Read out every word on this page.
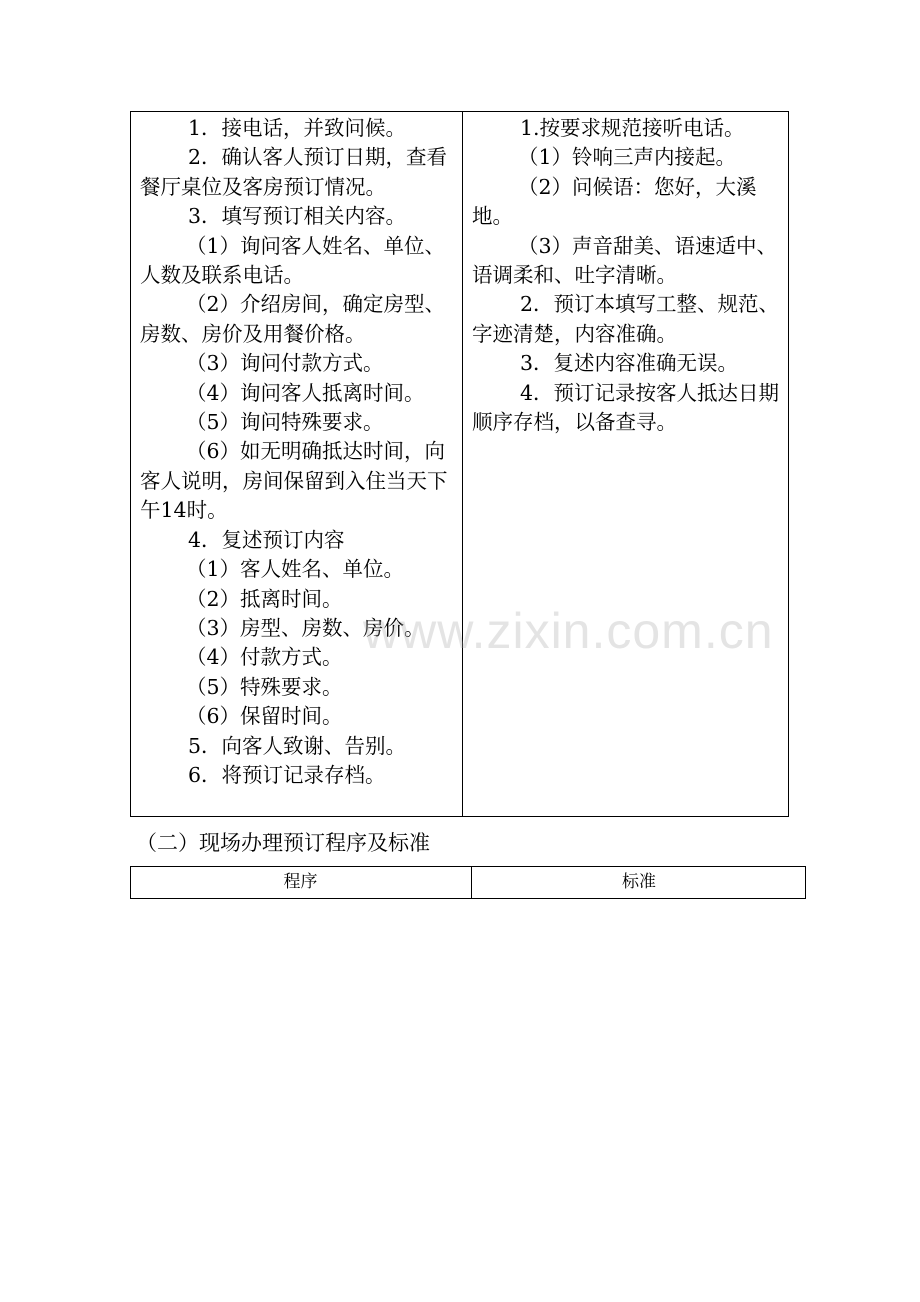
1．接电话，并致问候。

2．确认客人预订日期，查看餐厅桌位及客房预订情况。

3．填写预订相关内容。

（1）询问客人姓名、单位、人数及联系电话。

（2）介绍房间，确定房型、房数、房价及用餐价格。

（3）询问付款方式。

（4）询问客人抵离时间。

（5）询问特殊要求。

（6）如无明确抵达时间，向客人说明，房间保留到入住当天下午14时。

4．复述预订内容

（1）客人姓名、单位。

（2）抵离时间。

（3）房型、房数、房价。

（4）付款方式。

（5）特殊要求。

（6）保留时间。

5．向客人致谢、告别。

6．将预订记录存档。

1.按要求规范接听电话。

（1）铃响三声内接起。

（2）问候语：您好，大溪地。

（3）声音甜美、语速适中、语调柔和、吐字清晰。

2．预订本填写工整、规范、字迹清楚，内容准确。

3．复述内容准确无误。

4．预订记录按客人抵达日期顺序存档，以备查寻。

www.zixin.com.cn
（二）现场办理预订程序及标准
程序	标准
